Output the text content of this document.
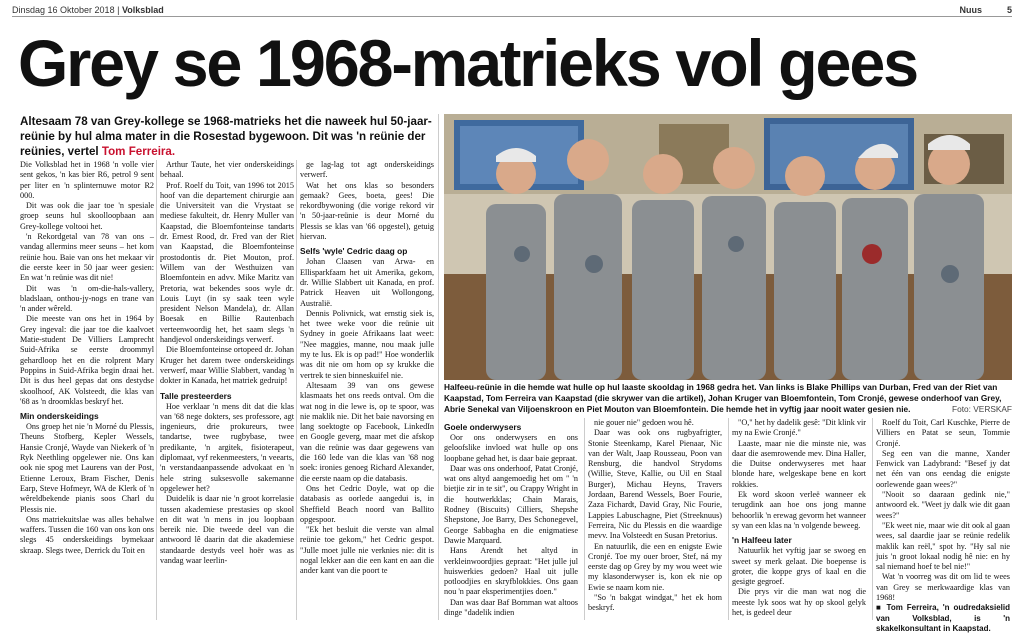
Dinsdag 16 Oktober 2018 | Volksblad	Nuus	5
Grey se 1968-matrieks vol gees
Altesaam 78 van Grey-kollege se 1968-matrieks het die naweek hul 50-jaar-reünie by hul alma mater in die Rosestad bygewoon. Dit was 'n reünie der reünies, vertel Tom Ferreira.
Halfeeu-reünie in die hemde wat hulle op hul laaste skooldag in 1968 gedra het. Van links is Blake Phillips van Durban, Fred van der Riet van Kaapstad, Tom Ferreira van Kaapstad (die skrywer van die artikel), Johan Kruger van Bloemfontein, Tom Cronjé, gewese onderhoof van Grey, Abrie Senekal van Viljoenskroon en Piet Mouton van Bloemfontein. Die hemde het in vyftig jaar nooit water gesien nie.	Foto: VERSKAF

Die Volksblad het in 1968 'n volle vier sent gekos, 'n kas bier R6, petrol 9 sent per liter en 'n splinternuwe motor R2 000.

Dit was ook die jaar toe 'n spesiale groep seuns hul skoolloopbaan aan Grey-kollege voltooi het.

'n Rekordgetal van 78 van ons – vandag allermins meer seuns – het kom reünie hou. Baie van ons het mekaar vir die eerste keer in 50 jaar weer gesien: En wat 'n reünie was dit nie!

Dit was 'n om-die-hals-vallery, bladslaan, onthou-jy-nogs en trane van 'n ander wêreld.

Die meeste van ons het in 1964 by Grey ingeval: die jaar toe die kaalvoet Matie-student De Villiers Lamprecht Suid-Afrika se eerste droommyl gehardloop het en die rolprent Mary Poppins in Suid-Afrika begin draai het. Dit is dus heel gepas dat ons destydse skoolhoof, AK Volsteedt, die klas van '68 as 'n droomklas beskryf het.

Min onderskeidings

Ons groep het nie 'n Morné du Plessis, Theuns Stofberg, Kepler Wessels, Hansie Cronjé, Wayde van Niekerk of 'n Ryk Neethling opgelewer nie. Ons kan ook nie spog met Laurens van der Post, Etienne Leroux, Bram Fischer, Denis Earp, Steve Hofmeyr, WA de Klerk of 'n wêreldbekende pianis soos Charl du Plessis nie.

Ons matriekuitslae was alles behalwe waffers. Tussen die 160 van ons kon ons slegs 45 onderskeidings bymekaar skraap. Slegs twee, Derrick du Toit en

Arthur Taute, het vier onderskeidings behaal.

Prof. Roelf du Toit, van 1996 tot 2015 hoof van die departement chirurgie aan die Universiteit van die Vrystaat se mediese fakulteit, dr. Henry Muller van Kaapstad, die Bloemfonteinse tandarts dr. Ernest Rood, dr. Fred van der Riet van Kaapstad, die Bloemfonteinse prostodontis dr. Piet Mouton, prof. Willem van der Westhuizen van Bloemfontein en advv. Mike Maritz van Pretoria, wat bekendes soos wyle dr. Louis Luyt (in sy saak teen wyle president Nelson Mandela), dr. Allan Boesak en Billie Rautenbach verteenwoordig het, het saam slegs 'n handjevol onderskeidings verwerf.

Die Bloemfonteinse ortopeed dr. Johan Kruger het darem twee onderskeidings verwerf, maar Willie Slabbert, vandag 'n dokter in Kanada, het matriek gedruip!

Talle presteerders

Hoe verklaar 'n mens dit dat die klas van '68 nege dokters, ses professore, agt ingenieurs, drie prokureurs, twee tandartse, twee rugbybase, twee predikante, 'n argitek, fisioterapeut, diplomaat, vyf rekenmeesters, 'n veearts, 'n verstandaanpassende advokaat en 'n hele string suksesvolle sakemanne opgelewer het?

Duidelik is daar nie 'n groot korrelasie tussen akademiese prestasies op skool en dit wat 'n mens in jou loopbaan bereik nie. Die tweede deel van die antwoord lê daarin dat die akademiese standaarde destyds veel hoër was as vandag waar leerlin-

ge lag-lag tot agt onderskeidings verwerf.

Wat het ons klas so besonders gemaak? Gees, boeta, gees! Die rekordbywoning (die vorige rekord vir 'n 50-jaar-reünie is deur Morné du Plessis se klas van '66 opgestel), getuig hiervan.

Selfs 'wyle' Cedric daag op

Johan Claasen van Arwa- en Ellisparkfaam het uit Amerika, gekom, dr. Willie Slabbert uit Kanada, en prof. Patrick Heaven uit Wollongong, Australië.

Dennis Polivnick, wat ernstig siek is, het twee weke voor die reünie uit Sydney in goeie Afrikaans laat weet: "Nee maggies, manne, nou maak julle my te lus. Ek is op pad!" Hoe wonderlik was dit nie om hom op sy krukke die vertrek te sien binneskuifel nie.

Altesaam 39 van ons gewese klasmaats het ons reeds ontval. Om die wat nog in die lewe is, op te spoor, was nie maklik nie. Dit het baie navorsing en lang soektogte op Facebook, LinkedIn en Google geverg, maar met die afskop van die reünie was daar gegewens van die 160 lede van die klas van '68 nog soek: ironies genoeg Richard Alexander, die eerste naam op die databasis.

Ons het Cedric Doyle, wat op die databasis as oorlede aangedui is, in Sheffield Beach noord van Ballito opgespoor.

"Ek het besluit die verste van almal reünie toe gekom," het Cedric gespot. "Julle moet julle nie verknies nie: dit is nogal lekker aan die een kant en aan die ander kant van die poort te

Goele onderwysers

Oor ons onderwysers en ons geloofslike invloed wat hulle op ons loopbane gehad het, is daar baie gepraat.

Daar was ons onderhoof, Patat Cronjé, wat ons altyd aangemoedig het om " 'n bietjie zir in te sit", ou Crappy Wright in die houtwerkklas; Chain Marais, Rodney (Biscuits) Cilliers, Shepshe Shepstone, Joe Barry, Des Schonegevel, George Sabbagha en die enigmatiese Dawie Marquard.

Hans Arendt het altyd in verkleinwoordjies gepraat: "Het julle jul huiswerkies gedoen? Haal uit julle potloodjies en skryfblokkies. Ons gaan nou 'n paar eksperimentjies doen."

Dan was daar Baf Bornman wat altoos dinge "dadelik indien

nie gouer nie" gedoen wou hê.

Daar was ook ons rugbyafrigter, Stonie Steenkamp, Karel Pienaar, Nic van der Walt, Jaap Rousseau, Poon van Rensburg, die handvol Strydoms (Willie, Steve, Kallie, ou Uil en Staal Burger), Michau Heyns, Travers Jordaan, Barend Wessels, Boer Fourie, Zaza Fichardt, David Gray, Nic Fourie, Lappies Labuschagne, Piet (Streeknuus) Ferreira, Nic du Plessis en die waardige mevv. Ina Volsteedt en Susan Pretorius.

En natuurlik, die een en enigste Ewie Cronjé. Toe my ouer broer, Stef, ná my eerste dag op Grey by my wou weet wie my klasonderwyser is, kon ek nie op Ewie se naam kom nie.

"So 'n bakgat windgat," het ek hom beskryf.

"O," het hy dadelik gesê: "Dit klink vir my na Ewie Cronjé."

Laaste, maar nie die minste nie, was daar die asemrowende mev. Dina Haller, die Duitse onderwyseres met haar blonde hare, welgeskape bene en kort rokkies.

Ek word skoon verleë wanneer ek terugdink aan hoe ons jong manne behoorlik 'n erewag gevorm het wanneer sy van een klas na 'n volgende beweeg.

'n Halfeeu later

Natuurlik het vyftig jaar se swoeg en sweet sy merk gelaat. Die boepense is groter, die koppe grys of kaal en die gesigte gegroef.

Die prys vir die man wat nog die meeste lyk soos wat hy op skool gelyk het, is gedeel deur

Roelf du Toit, Carl Kuschke, Pierre de Villiers en Patat se seun, Tommie Cronjé.

Seg een van die manne, Xander Fenwick van Ladybrand: "Besef jy dat net één van ons eendag die enigste oorlewende gaan wees?"

"Nooit so daaraan gedink nie," antwoord ek. "Weet jy dalk wie dit gaan wees?"

"Ek weet nie, maar wie dit ook al gaan wees, sal daardie jaar se reünie redelik maklik kan reël," spot hy. "Hy sal nie juis 'n groot lokaal nodig hê nie: en hy sal niemand hoef te bel nie!"

Wat 'n voorreg was dit om lid te wees van Grey se merkwaardige klas van 1968!

■ Tom Ferreira, 'n oudredaksielid van Volksblad, is 'n skakelkonsultant in Kaapstad.
